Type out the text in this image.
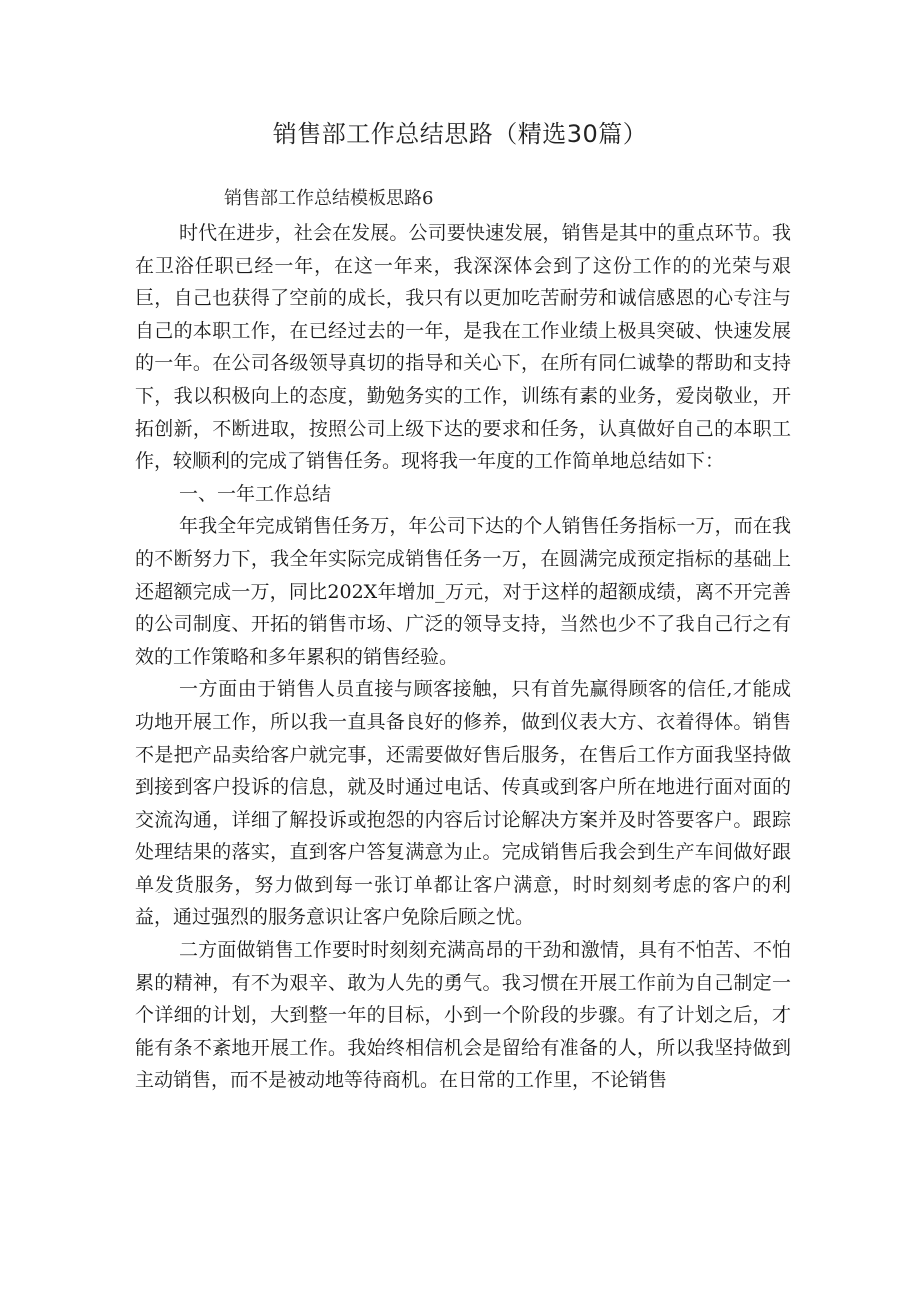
销售部工作总结思路（精选30篇）
销售部工作总结模板思路6

时代在进步，社会在发展。公司要快速发展，销售是其中的重点环节。我在卫浴任职已经一年，在这一年来，我深深体会到了这份工作的的光荣与艰巨，自己也获得了空前的成长，我只有以更加吃苦耐劳和诚信感恩的心专注与自己的本职工作，在已经过去的一年，是我在工作业绩上极具突破、快速发展的一年。在公司各级领导真切的指导和关心下，在所有同仁诚挚的帮助和支持下，我以积极向上的态度，勤勉务实的工作，训练有素的业务，爱岗敬业，开拓创新，不断进取，按照公司上级下达的要求和任务，认真做好自己的本职工作，较顺利的完成了销售任务。现将我一年度的工作简单地总结如下：

一、一年工作总结

年我全年完成销售任务万，年公司下达的个人销售任务指标一万，而在我的不断努力下，我全年实际完成销售任务一万，在圆满完成预定指标的基础上还超额完成一万，同比202X年增加_万元，对于这样的超额成绩，离不开完善的公司制度、开拓的销售市场、广泛的领导支持，当然也少不了我自己行之有效的工作策略和多年累积的销售经验。

一方面由于销售人员直接与顾客接触，只有首先赢得顾客的信任,才能成功地开展工作，所以我一直具备良好的修养，做到仪表大方、衣着得体。销售不是把产品卖给客户就完事，还需要做好售后服务，在售后工作方面我坚持做到接到客户投诉的信息，就及时通过电话、传真或到客户所在地进行面对面的交流沟通，详细了解投诉或抱怨的内容后讨论解决方案并及时答要客户。跟踪处理结果的落实，直到客户答复满意为止。完成销售后我会到生产车间做好跟单发货服务，努力做到每一张订单都让客户满意，时时刻刻考虑的客户的利益，通过强烈的服务意识让客户免除后顾之忧。

二方面做销售工作要时时刻刻充满高昂的干劲和激情，具有不怕苦、不怕累的精神，有不为艰辛、敢为人先的勇气。我习惯在开展工作前为自己制定一个详细的计划，大到整一年的目标，小到一个阶段的步骤。有了计划之后，才能有条不紊地开展工作。我始终相信机会是留给有准备的人，所以我坚持做到主动销售，而不是被动地等待商机。在日常的工作里，不论销售
